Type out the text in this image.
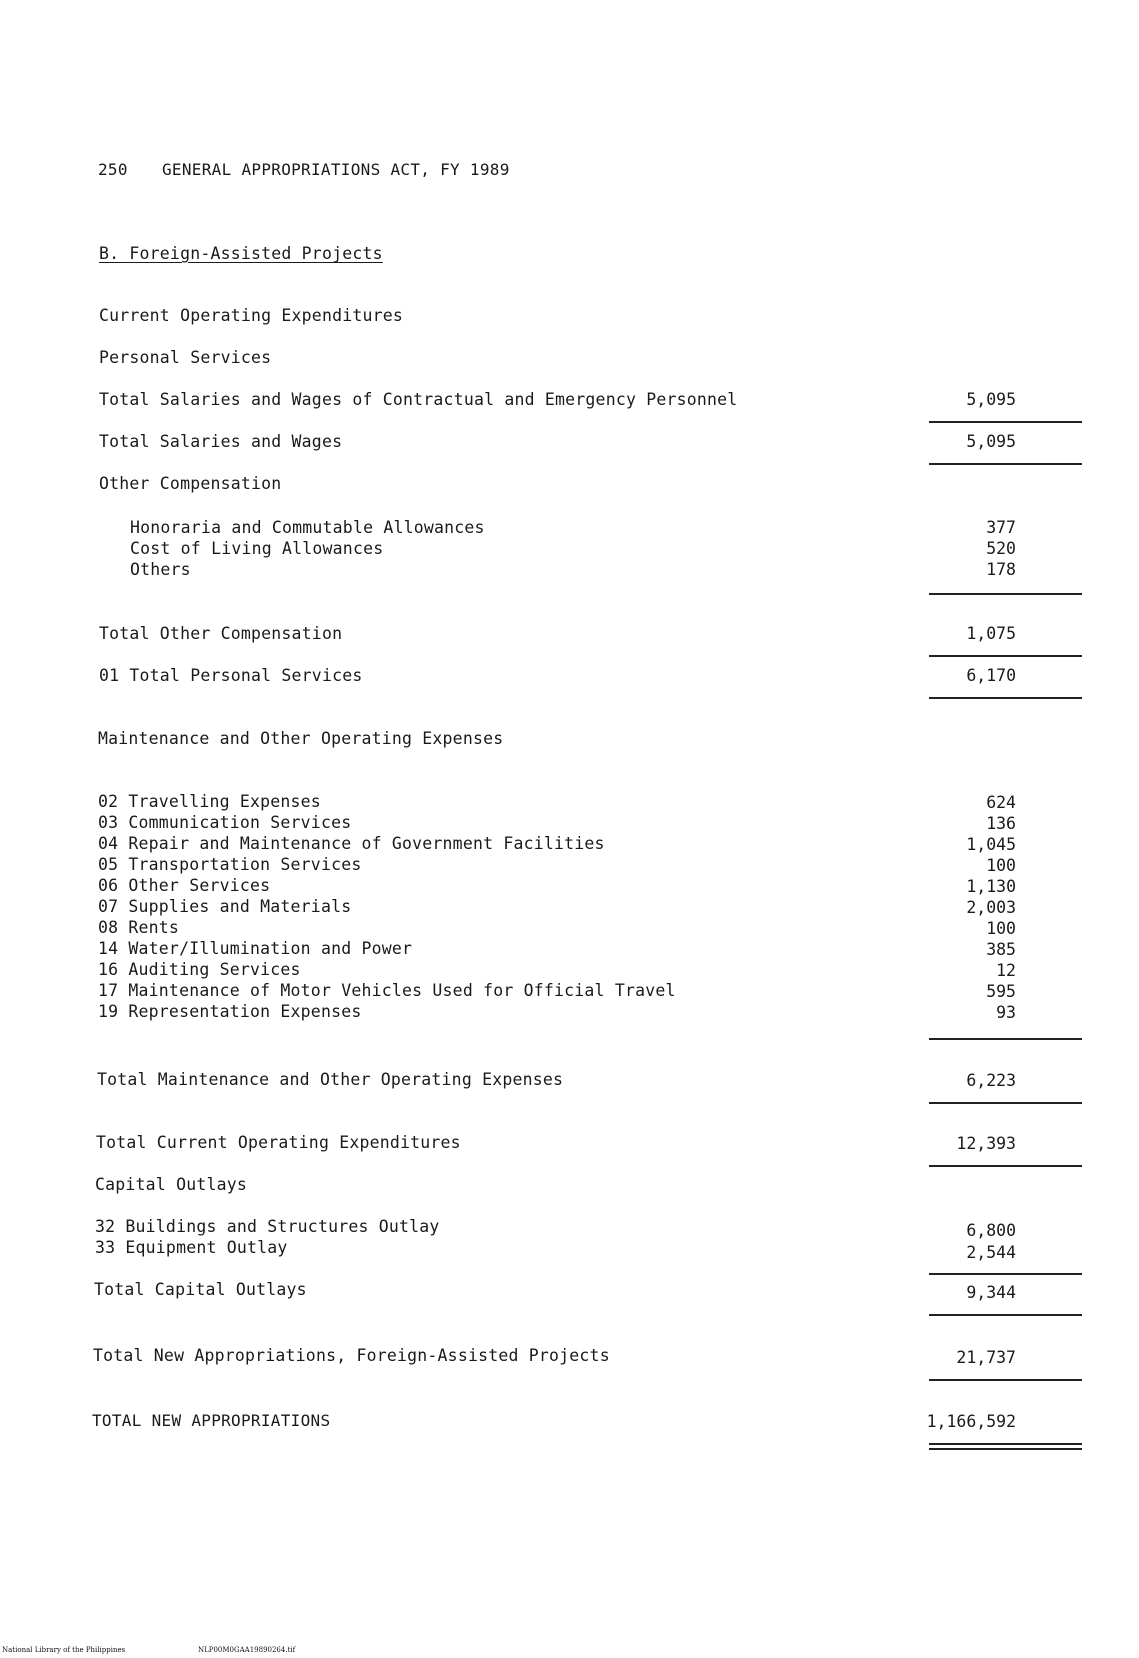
250 GENERAL APPROPRIATIONS ACT, FY 1989
B. Foreign-Assisted Projects
Current Operating Expenditures
Personal Services
Total Salaries and Wages of Contractual and Emergency Personnel	5,095
Total Salaries and Wages	5,095
Other Compensation
Honoraria and Commutable Allowances	377
Cost of Living Allowances	520
Others	178
Total Other Compensation	1,075
01 Total Personal Services	6,170
Maintenance and Other Operating Expenses
02 Travelling Expenses	624
03 Communication Services	136
04 Repair and Maintenance of Government Facilities	1,045
05 Transportation Services	100
06 Other Services	1,130
07 Supplies and Materials	2,003
08 Rents	100
14 Water/Illumination and Power	385
16 Auditing Services	12
17 Maintenance of Motor Vehicles Used for Official Travel	595
19 Representation Expenses	93
Total Maintenance and Other Operating Expenses	6,223
Total Current Operating Expenditures	12,393
Capital Outlays
32 Buildings and Structures Outlay	6,800
33 Equipment Outlay	2,544
Total Capital Outlays	9,344
Total New Appropriations, Foreign-Assisted Projects	21,737
TOTAL NEW APPROPRIATIONS	1,166,592
National Library of the Philippines	NLP00M0GAA19890264.tif
